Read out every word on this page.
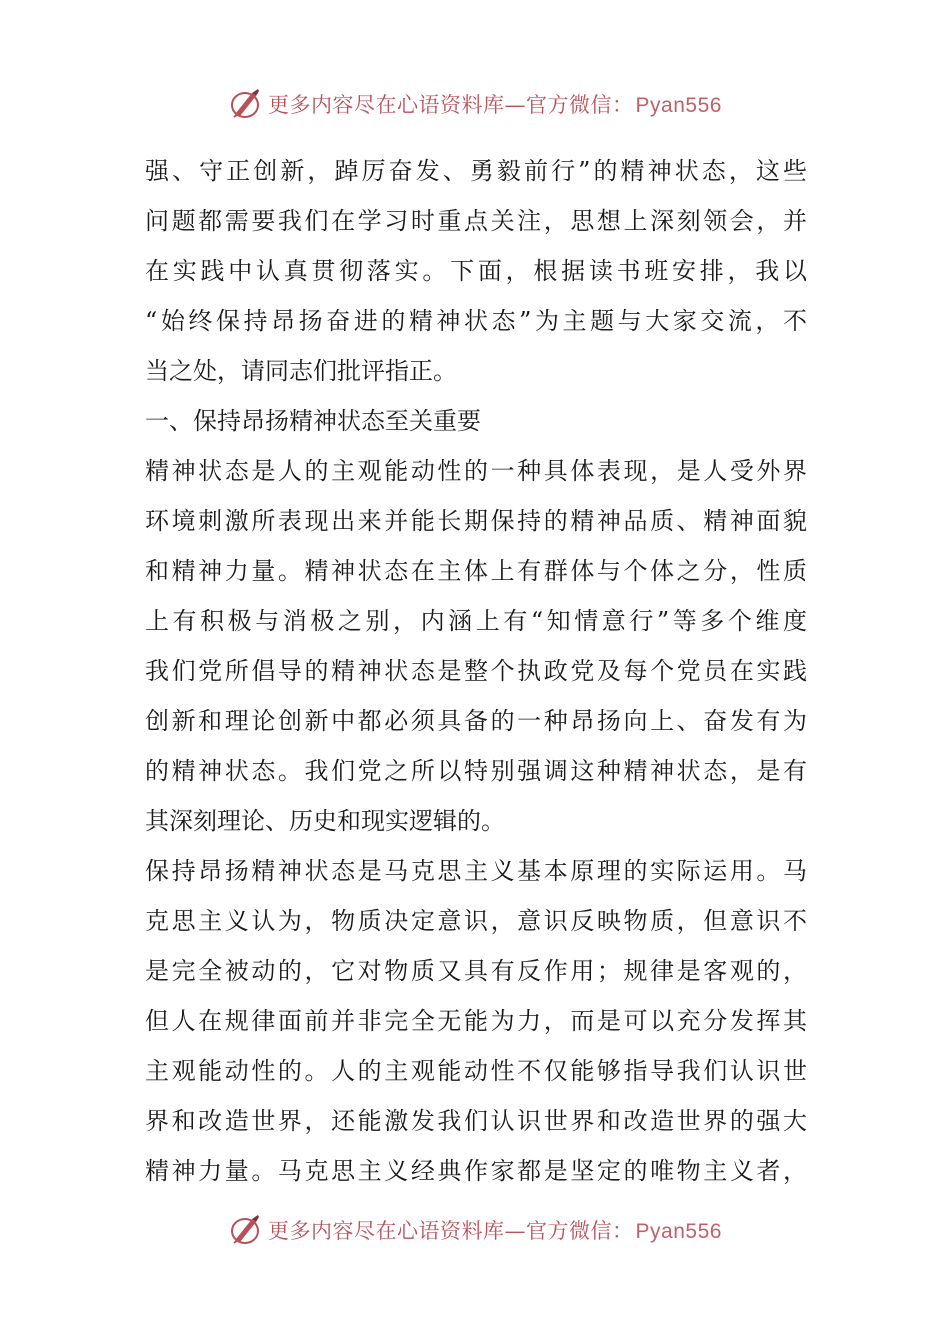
更多内容尽在心语资料库—官方微信：Pyan556
强、守正创新，踔厉奋发、勇毅前行”的精神状态，这些
问题都需要我们在学习时重点关注，思想上深刻领会，并
在实践中认真贯彻落实。下面，根据读书班安排，我以
“始终保持昂扬奋进的精神状态”为主题与大家交流，不
当之处，请同志们批评指正。
一、保持昂扬精神状态至关重要
精神状态是人的主观能动性的一种具体表现，是人受外界
环境刺激所表现出来并能长期保持的精神品质、精神面貌
和精神力量。精神状态在主体上有群体与个体之分，性质
上有积极与消极之别，内涵上有“知情意行”等多个维度
我们党所倡导的精神状态是整个执政党及每个党员在实践
创新和理论创新中都必须具备的一种昂扬向上、奋发有为
的精神状态。我们党之所以特别强调这种精神状态，是有
其深刻理论、历史和现实逻辑的。
保持昂扬精神状态是马克思主义基本原理的实际运用。马
克思主义认为，物质决定意识，意识反映物质，但意识不
是完全被动的，它对物质又具有反作用；规律是客观的，
但人在规律面前并非完全无能为力，而是可以充分发挥其
主观能动性的。人的主观能动性不仅能够指导我们认识世
界和改造世界，还能激发我们认识世界和改造世界的强大
精神力量。马克思主义经典作家都是坚定的唯物主义者，
更多内容尽在心语资料库—官方微信：Pyan556
